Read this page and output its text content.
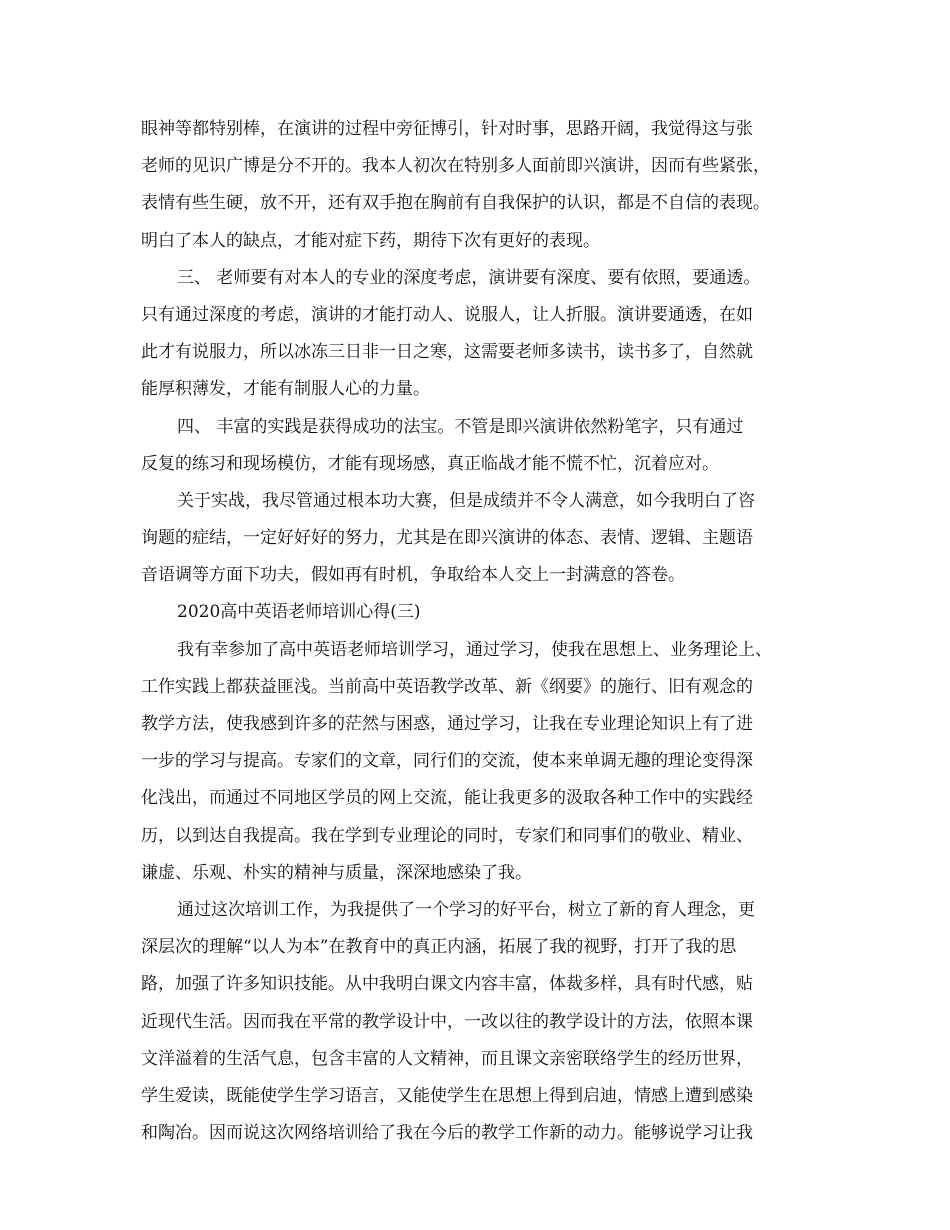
眼神等都特别棒，在演讲的过程中旁征博引，针对时事，思路开阔，我觉得这与张
老师的见识广博是分不开的。我本人初次在特别多人面前即兴演讲，因而有些紧张，
表情有些生硬，放不开，还有双手抱在胸前有自我保护的认识，都是不自信的表现。
明白了本人的缺点，才能对症下药，期待下次有更好的表现。
三、 老师要有对本人的专业的深度考虑，演讲要有深度、要有依照，要通透。
只有通过深度的考虑，演讲的才能打动人、说服人，让人折服。演讲要通透，在如
此才有说服力，所以冰冻三日非一日之寒，这需要老师多读书，读书多了，自然就
能厚积薄发，才能有制服人心的力量。
四、 丰富的实践是获得成功的法宝。不管是即兴演讲依然粉笔字，只有通过
反复的练习和现场模仿，才能有现场感，真正临战才能不慌不忙，沉着应对。
关于实战，我尽管通过根本功大赛，但是成绩并不令人满意，如今我明白了咨
询题的症结，一定好好好的努力，尤其是在即兴演讲的体态、表情、逻辑、主题语
音语调等方面下功夫，假如再有时机，争取给本人交上一封满意的答卷。
2020高中英语老师培训心得(三)
我有幸参加了高中英语老师培训学习，通过学习，使我在思想上、业务理论上、
工作实践上都获益匪浅。当前高中英语教学改革、新《纲要》的施行、旧有观念的
教学方法，使我感到许多的茫然与困惑，通过学习，让我在专业理论知识上有了进
一步的学习与提高。专家们的文章，同行们的交流，使本来单调无趣的理论变得深
化浅出，而通过不同地区学员的网上交流，能让我更多的汲取各种工作中的实践经
历，以到达自我提高。我在学到专业理论的同时，专家们和同事们的敬业、精业、
谦虚、乐观、朴实的精神与质量，深深地感染了我。
通过这次培训工作，为我提供了一个学习的好平台，树立了新的育人理念，更
深层次的理解“以人为本”在教育中的真正内涵，拓展了我的视野，打开了我的思
路，加强了许多知识技能。从中我明白课文内容丰富，体裁多样，具有时代感，贴
近现代生活。因而我在平常的教学设计中，一改以往的教学设计的方法，依照本课
文洋溢着的生活气息，包含丰富的人文精神，而且课文亲密联络学生的经历世界，
学生爱读，既能使学生学习语言，又能使学生在思想上得到启迪，情感上遭到感染
和陶冶。因而说这次网络培训给了我在今后的教学工作新的动力。能够说学习让我
